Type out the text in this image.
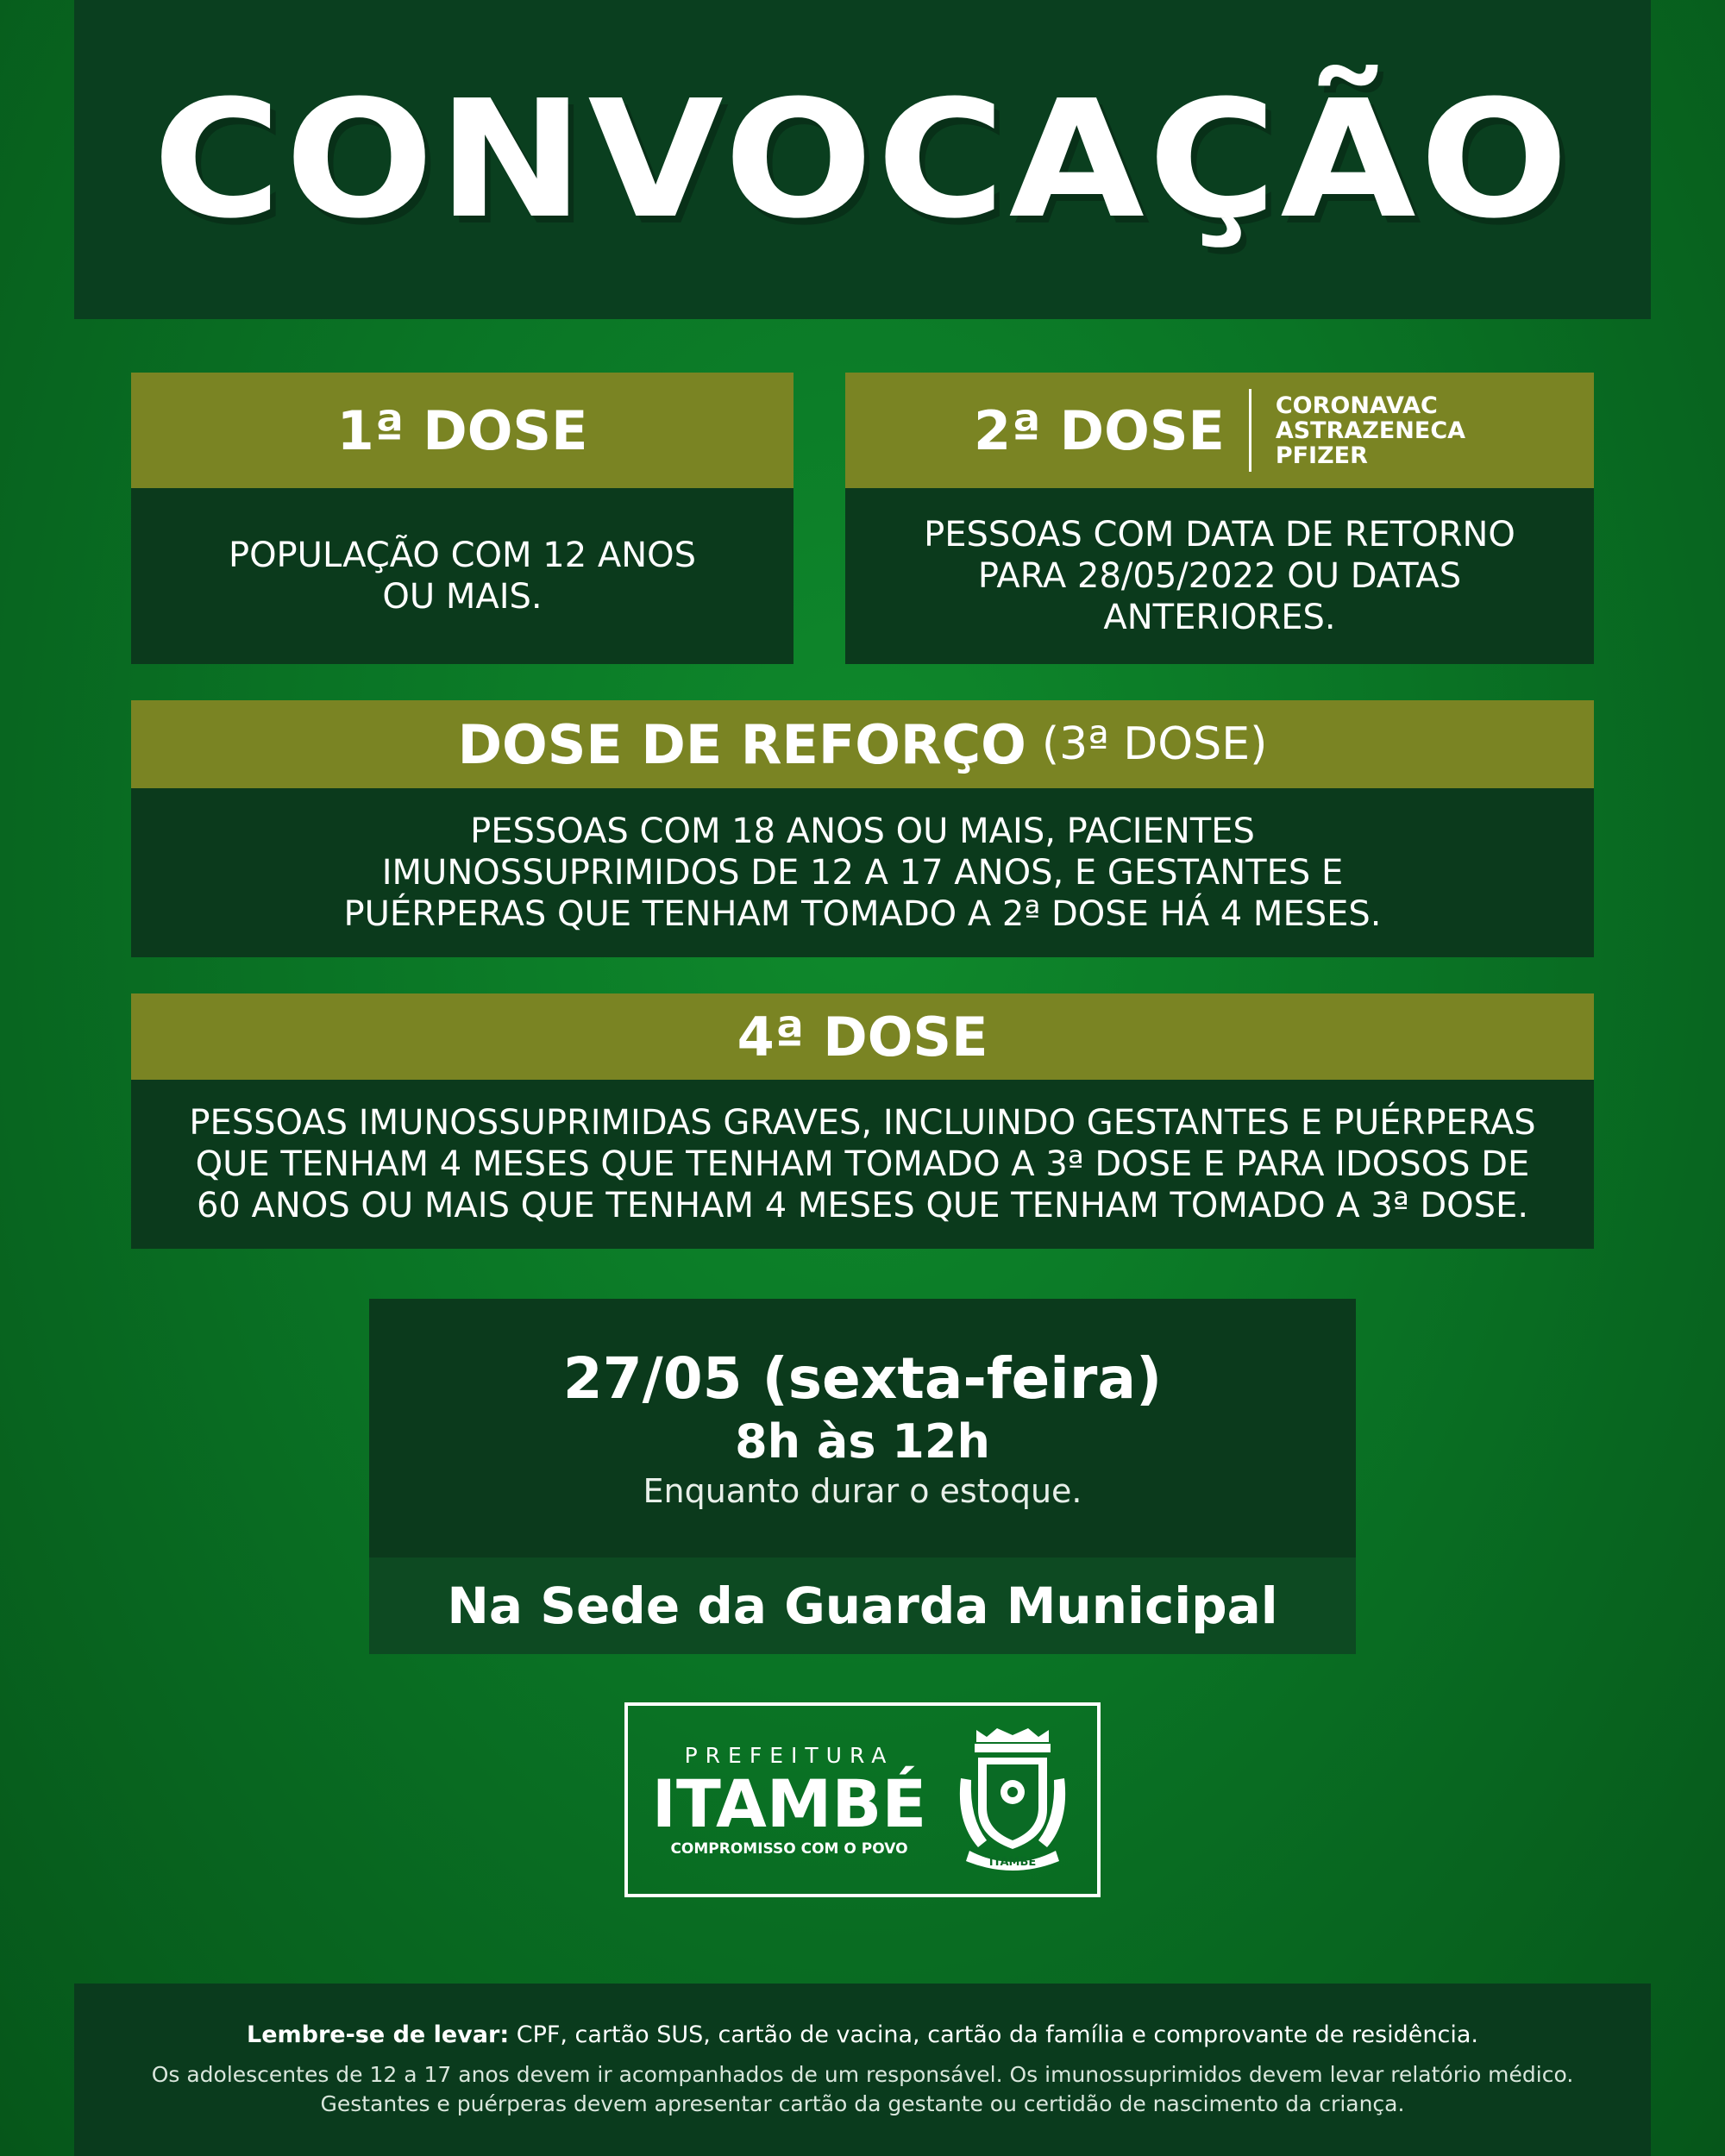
CONVOCAÇÃO
1ª DOSE
POPULAÇÃO COM 12 ANOS OU MAIS.
2ª DOSE CORONAVAC
ASTRAZENECA
PFIZER
PESSOAS COM DATA DE RETORNO PARA 28/05/2022 OU DATAS ANTERIORES.
DOSE DE REFORÇO (3ª DOSE)
PESSOAS COM 18 ANOS OU MAIS, PACIENTES IMUNOSSUPRIMIDOS DE 12 A 17 ANOS, E GESTANTES E PUÉRPERAS QUE TENHAM TOMADO A 2ª DOSE HÁ 4 MESES.
4ª DOSE
PESSOAS IMUNOSSUPRIMIDAS GRAVES, INCLUINDO GESTANTES E PUÉRPERAS QUE TENHAM 4 MESES QUE TENHAM TOMADO A 3ª DOSE E PARA IDOSOS DE 60 ANOS OU MAIS QUE TENHAM 4 MESES QUE TENHAM TOMADO A 3ª DOSE.
27/05 (sexta-feira)
8h às 12h
Enquanto durar o estoque.
Na Sede da Guarda Municipal
PREFEITURA
ITAMBÉ
COMPROMISSO COM O POVO
ITAMBÉ
Lembre-se de levar: CPF, cartão SUS, cartão de vacina, cartão da família e comprovante de residência.
Os adolescentes de 12 a 17 anos devem ir acompanhados de um responsável. Os imunossuprimidos devem levar relatório médico. Gestantes e puérperas devem apresentar cartão da gestante ou certidão de nascimento da criança.
